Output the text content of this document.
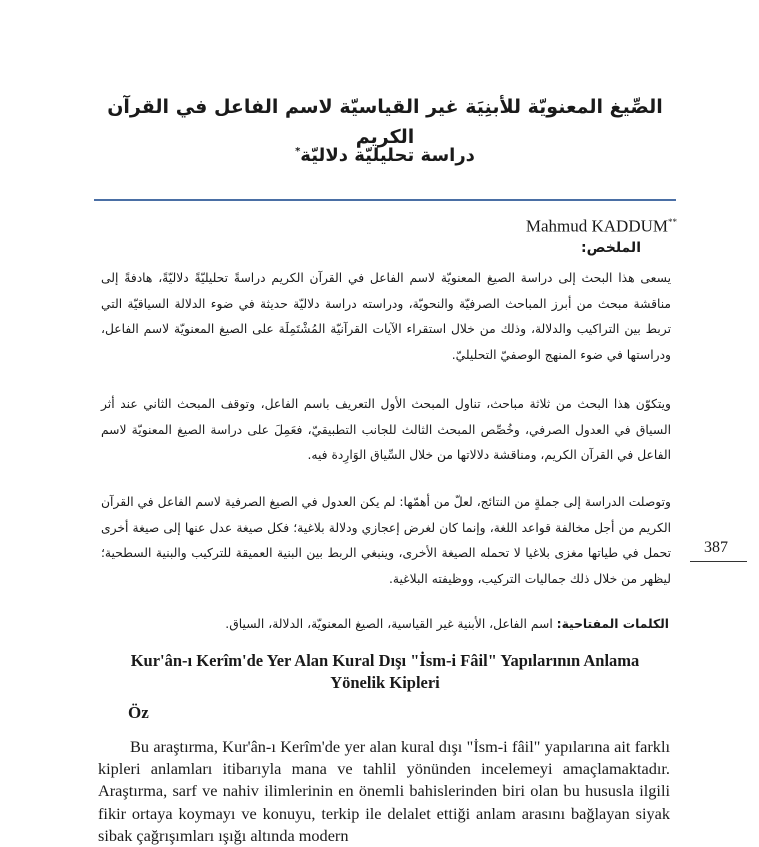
الصِّيغ المعنويّة للأبنِيَة غير القياسيّة لاسم الفاعل في القرآن الكريم
دراسة تحليليّة دلاليّة*
Mahmud KADDUM**
الملخص:
يسعى هذا البحث إلى دراسة الصيغ المعنويّة لاسم الفاعل في القرآن الكريم دراسةً تحليليّةً دلاليّةً، هادفةً إلى مناقشة مبحث من أبرز المباحث الصرفيّة والنحويّة، ودراسته دراسة دلاليّة حديثة في ضوء الدلالة السياقيّة التي تربط بين التراكيب والدلالة، وذلك من خلال استقراء الآيات القرآنيّة المُشْتَمِلَة على الصيغ المعنويّة لاسم الفاعل، ودراستها في ضوء المنهج الوصفيّ التحليليّ.
ويتكوّن هذا البحث من ثلاثة مباحث، تناول المبحث الأول التعريف باسم الفاعل، وتوقف المبحث الثاني عند أثر السياق في العدول الصرفي، وخُصِّص المبحث الثالث للجانب التطبيقيّ، فعَمِلَ على دراسة الصيغ المعنويّة لاسم الفاعل في القرآن الكريم، ومناقشة دلالاتها من خلال السِّياق الوَارِدة فيه.
وتوصلت الدراسة إلى جملةٍ من النتائج، لعلّ من أهمّها: لم يكن العدول في الصيغ الصرفية لاسم الفاعل في القرآن الكريم من أجل مخالفة قواعد اللغة، وإنما كان لغرض إعجازي ودلالة بلاغية؛ فكل صيغة عدل عنها إلى صيغة أخرى تحمل في طياتها مغزى بلاغيا لا تحمله الصيغة الأخرى، وينبغي الربط بين البنية العميقة للتركيب والبنية السطحية؛ ليظهر من خلال ذلك جماليات التركيب، ووظيفته البلاغية.
الكلمات المفتاحية: اسم الفاعل، الأبنية غير القياسية، الصيغ المعنويّة، الدلالة، السياق.
387
Kur'ân-ı Kerîm'de Yer Alan Kural Dışı "İsm-i Fâil" Yapılarının Anlama Yönelik Kipleri
Öz
Bu araştırma, Kur'ân-ı Kerîm'de yer alan kural dışı "İsm-i fâil" yapılarına ait farklı kipleri anlamları itibarıyla mana ve tahlil yönünden incelemeyi amaçlamaktadır. Araştırma, sarf ve nahiv ilimlerinin en önemli bahislerinden biri olan bu hususla ilgili fikir ortaya koymayı ve konuyu, terkip ile delalet ettiği anlam arasını bağlayan siyak sibak çağrışımları ışığı altında modern
